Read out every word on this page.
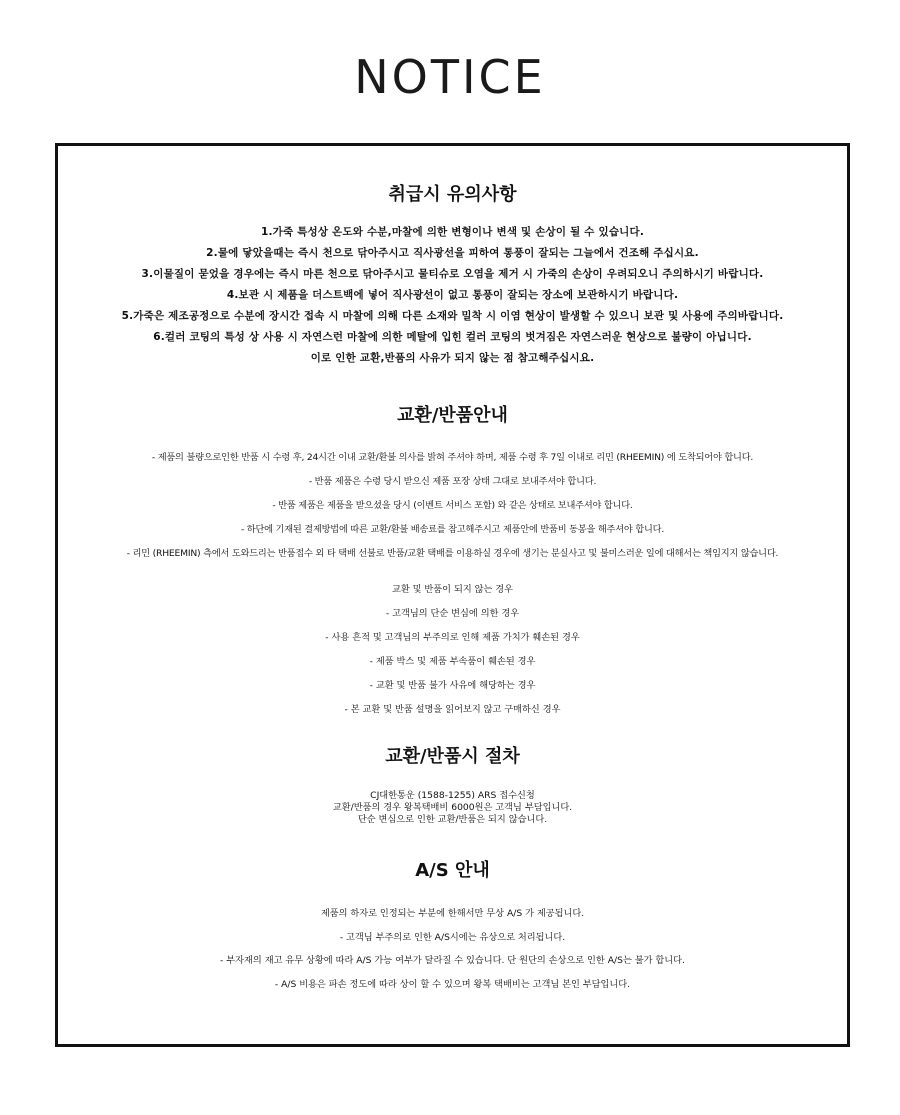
NOTICE
취급시 유의사항
1.가죽 특성상 온도와 수분,마찰에 의한 변형이나 변색 및 손상이 될 수 있습니다.
2.물에 닿았을때는 즉시 천으로 닦아주시고 직사광선을 피하여 통풍이 잘되는 그늘에서 건조해 주십시요.
3.이물질이 묻었을 경우에는 즉시 마른 천으로 닦아주시고 물티슈로 오염을 제거 시 가죽의 손상이 우려되오니 주의하시기 바랍니다.
4.보관 시 제품을 더스트백에 넣어 직사광선이 없고 통풍이 잘되는 장소에 보관하시기 바랍니다.
5.가죽은 제조공정으로 수분에 장시간 접속 시 마찰에 의해 다른 소재와 밀착 시 이염 현상이 발생할 수 있으니 보관 및 사용에 주의바랍니다.
6.컬러 코팅의 특성 상 사용 시 자연스런 마찰에 의한 메탈에 입힌 컬러 코팅의 벗겨짐은 자연스러운 현상으로 불량이 아닙니다.
이로 인한 교환,반품의 사유가 되지 않는 점 참고해주십시요.
교환/반품안내
- 제품의 불량으로인한 반품 시 수령 후, 24시간 이내 교환/환불 의사를 밝혀 주셔야 하며, 제품 수령 후 7일 이내로 리민 (RHEEMIN) 에 도착되어야 합니다.
- 반품 제품은 수령 당시 받으신 제품 포장 상태 그대로 보내주셔야 합니다.
- 반품 제품은 제품을 받으셨을 당시 (이벤트 서비스 포함) 와 같은 상태로 보내주셔야 합니다.
- 하단에 기재된 결제방법에 따른 교환/환불 배송료를 참고해주시고 제품안에 반품비 동봉을 해주셔야 합니다.
- 리민 (RHEEMIN) 측에서 도와드리는 반품접수 외 타 택배 선불로 반품/교환 택배를 이용하실 경우에 생기는 분실사고 및 불미스러운 일에 대해서는 책임지지 않습니다.
교환 및 반품이 되지 않는 경우
- 고객님의 단순 변심에 의한 경우
- 사용 흔적 및 고객님의 부주의로 인해 제품 가치가 훼손된 경우
- 제품 박스 및 제품 부속품이 훼손된 경우
- 교환 및 반품 불가 사유에 해당하는 경우
- 본 교환 및 반품 설명을 읽어보지 않고 구매하신 경우
교환/반품시 절차
CJ대한통운 (1588-1255) ARS 접수신청
교환/반품의 경우 왕복택배비 6000원은 고객님 부담입니다.
단순 변심으로 인한 교환/반품은 되지 않습니다.
A/S 안내
제품의 하자로 인정되는 부분에 한해서만 무상 A/S 가 제공됩니다.
- 고객님 부주의로 인한 A/S시에는 유상으로 처리됩니다.
- 부자재의 재고 유무 상황에 따라 A/S 가능 여부가 달라질 수 있습니다. 단 원단의 손상으로 인한 A/S는 불가 합니다.
- A/S 비용은 파손 정도에 따라 상이 할 수 있으며 왕복 택배비는 고객님 본인 부담입니다.
